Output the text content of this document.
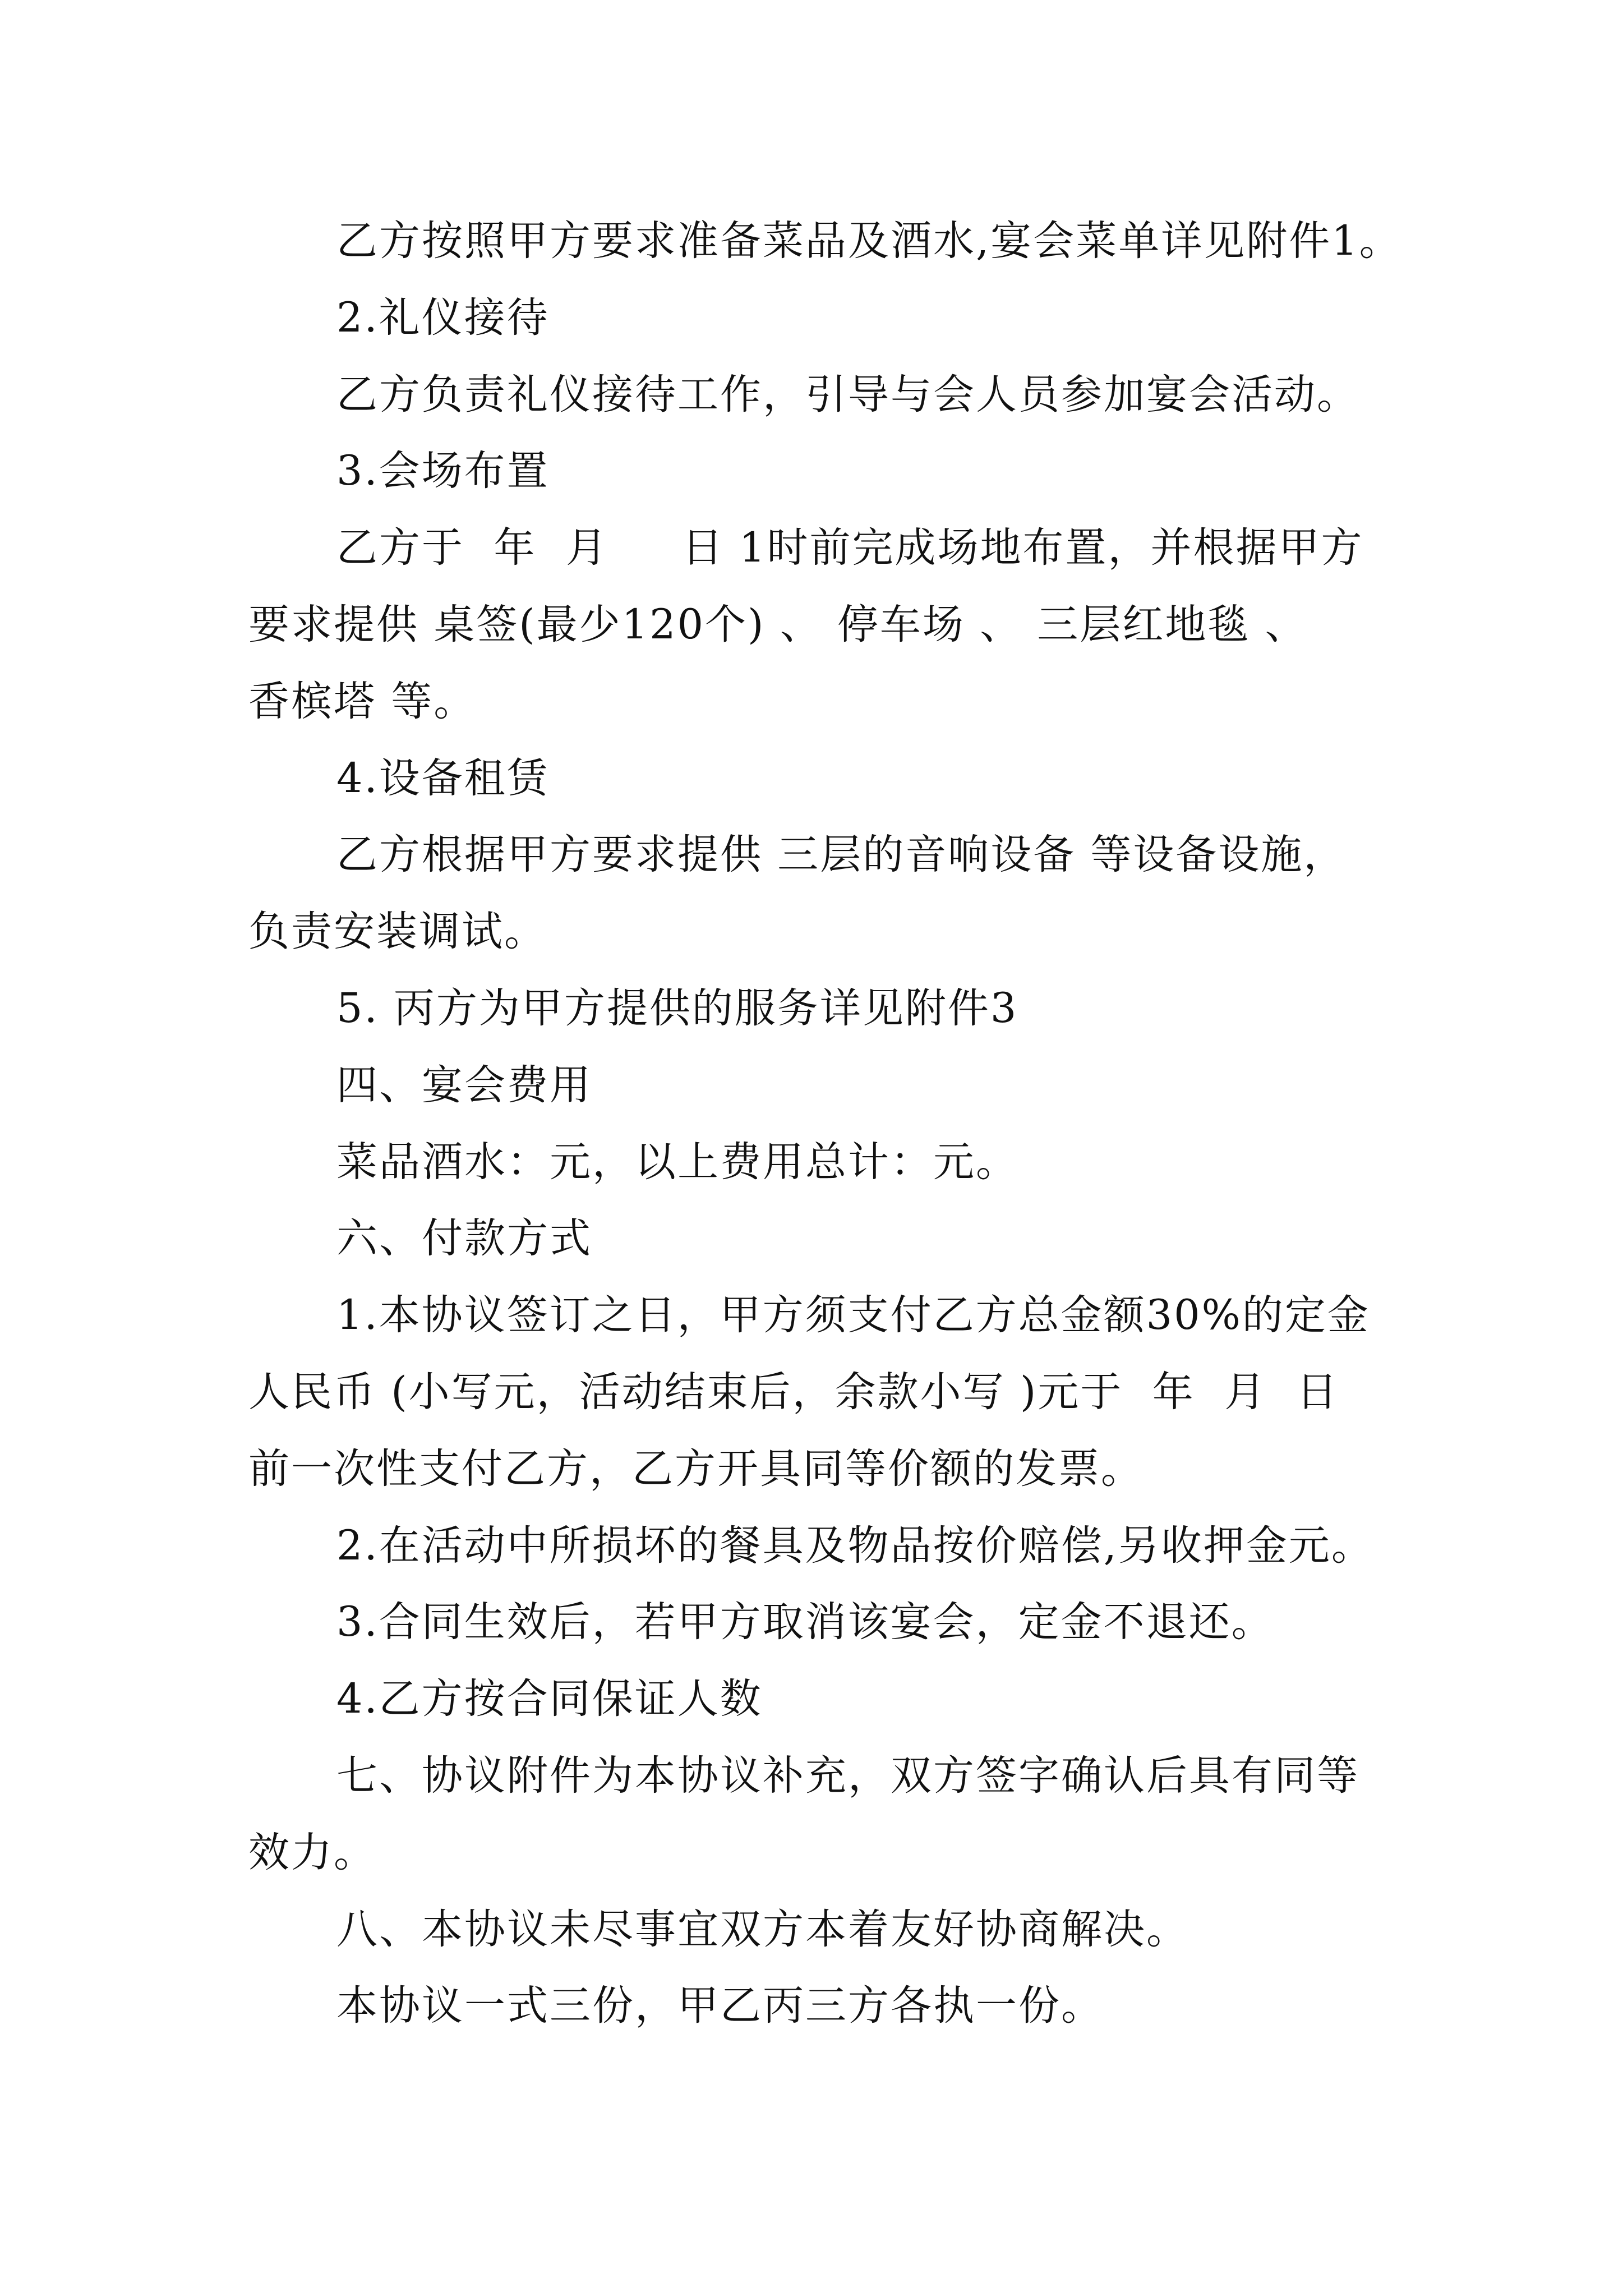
乙方按照甲方要求准备菜品及酒水,宴会菜单详见附件1。

2.礼仪接待

乙方负责礼仪接待工作，引导与会人员参加宴会活动。

3.会场布置

乙方于  年  月     日 1时前完成场地布置，并根据甲方
要求提供 桌签(最少120个) 、 停车场 、 三层红地毯 、
香槟塔 等。

4.设备租赁

乙方根据甲方要求提供 三层的音响设备 等设备设施，
负责安装调试。

5. 丙方为甲方提供的服务详见附件3

四、宴会费用

菜品酒水：元，以上费用总计：元。

六、付款方式

1.本协议签订之日，甲方须支付乙方总金额30%的定金
人民币 (小写元，活动结束后，余款小写 )元于  年  月  日
前一次性支付乙方，乙方开具同等价额的发票。

2.在活动中所损坏的餐具及物品按价赔偿,另收押金元。

3.合同生效后，若甲方取消该宴会，定金不退还。

4.乙方按合同保证人数

七、协议附件为本协议补充，双方签字确认后具有同等
效力。

八、本协议未尽事宜双方本着友好协商解决。

本协议一式三份，甲乙丙三方各执一份。
